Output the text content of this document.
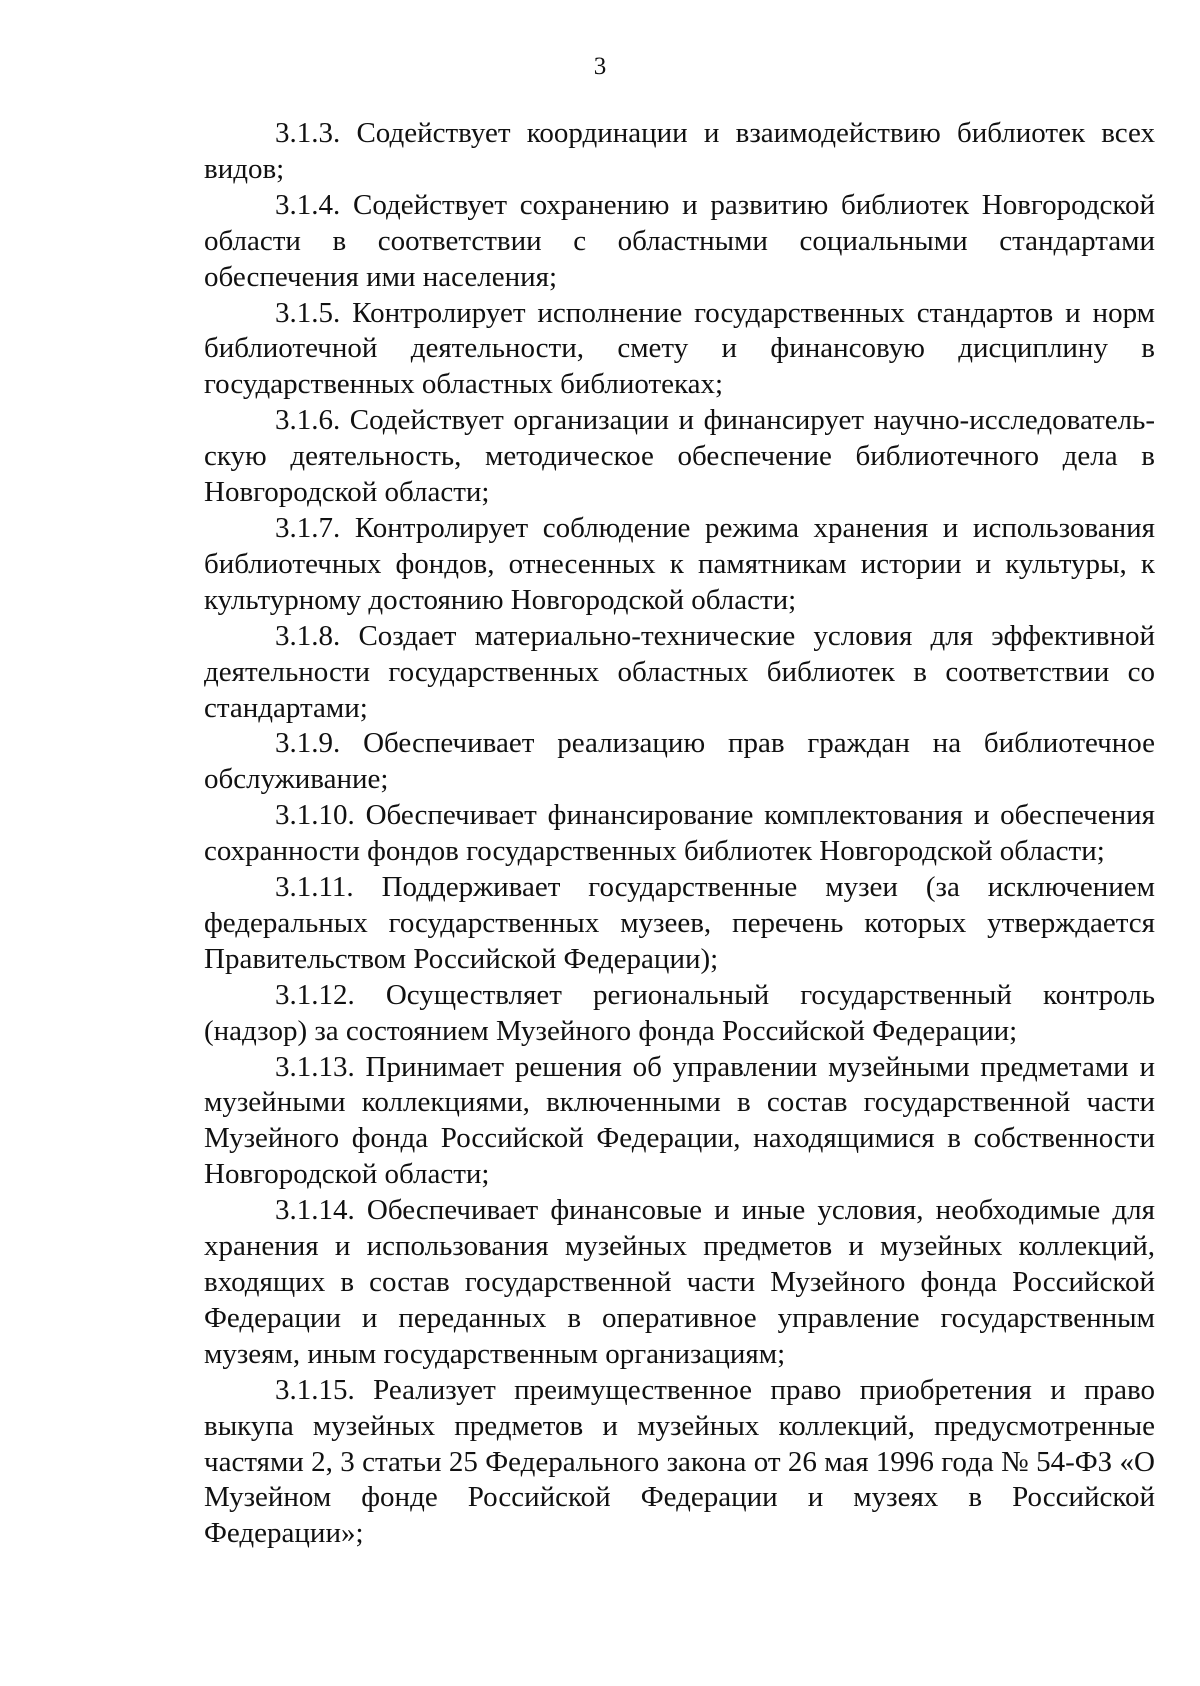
3

3.1.3. Содействует координации и взаимодействию библиотек всех видов;

3.1.4. Содействует сохранению и развитию библиотек Новгородской области в соответствии с областными социальными стандартами обеспечения ими населения;

3.1.5. Контролирует исполнение государственных стандартов и норм библиотечной деятельности, смету и финансовую дисциплину в государственных областных библиотеках;

3.1.6. Содействует организации и финансирует научно-исследователь-скую деятельность, методическое обеспечение библиотечного дела в Новгородской области;

3.1.7. Контролирует соблюдение режима хранения и использования библиотечных фондов, отнесенных к памятникам истории и культуры, к культурному достоянию Новгородской области;

3.1.8. Создает материально-технические условия для эффективной деятельности государственных областных библиотек в соответствии со стандартами;

3.1.9. Обеспечивает реализацию прав граждан на библиотечное обслуживание;

3.1.10. Обеспечивает финансирование комплектования и обеспечения сохранности фондов государственных библиотек Новгородской области;

3.1.11. Поддерживает государственные музеи (за исключением федеральных государственных музеев, перечень которых утверждается Правительством Российской Федерации);

3.1.12. Осуществляет региональный государственный контроль (надзор) за состоянием Музейного фонда Российской Федерации;

3.1.13. Принимает решения об управлении музейными предметами и музейными коллекциями, включенными в состав государственной части Музейного фонда Российской Федерации, находящимися в собственности Новгородской области;

3.1.14. Обеспечивает финансовые и иные условия, необходимые для хранения и использования музейных предметов и музейных коллекций, входящих в состав государственной части Музейного фонда Российской Федерации и переданных в оперативное управление государственным музеям, иным государственным организациям;

3.1.15. Реализует преимущественное право приобретения и право выкупа музейных предметов и музейных коллекций, предусмотренные частями 2, 3 статьи 25 Федерального закона от 26 мая 1996 года № 54-ФЗ «О Музейном фонде Российской Федерации и музеях в Российской Федерации»;
